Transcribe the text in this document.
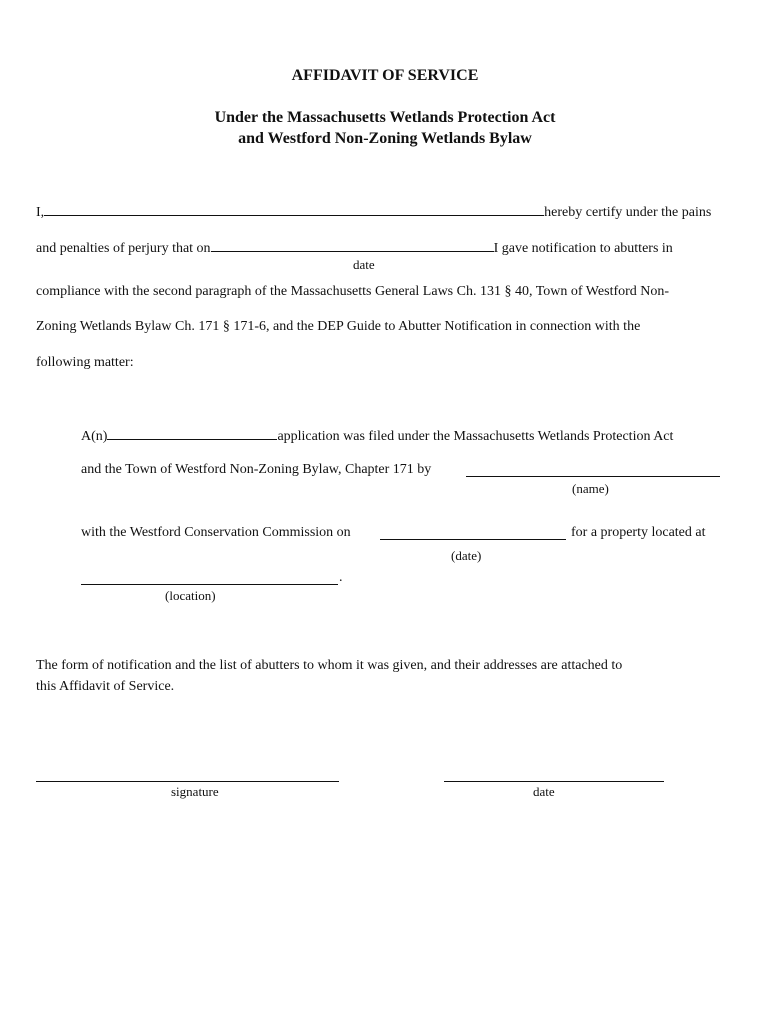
AFFIDAVIT OF SERVICE
Under the Massachusetts Wetlands Protection Act
and Westford Non-Zoning Wetlands Bylaw
I,	hereby certify under the pains
and penalties of perjury that on	I gave notification to abutters in
date
compliance with the second paragraph of the Massachusetts General Laws Ch. 131 § 40, Town of Westford Non-
Zoning Wetlands Bylaw Ch. 171 § 171-6, and the DEP Guide to Abutter Notification in connection with the
following matter:
A(n)	application was filed under the Massachusetts Wetlands Protection Act
and the Town of Westford Non-Zoning Bylaw, Chapter 171 by
(name)
with the Westford Conservation Commission on	for a property located at
(date)
.
(location)
The form of notification and the list of abutters to whom it was given, and their addresses are attached to
this Affidavit of Service.
signature	date
